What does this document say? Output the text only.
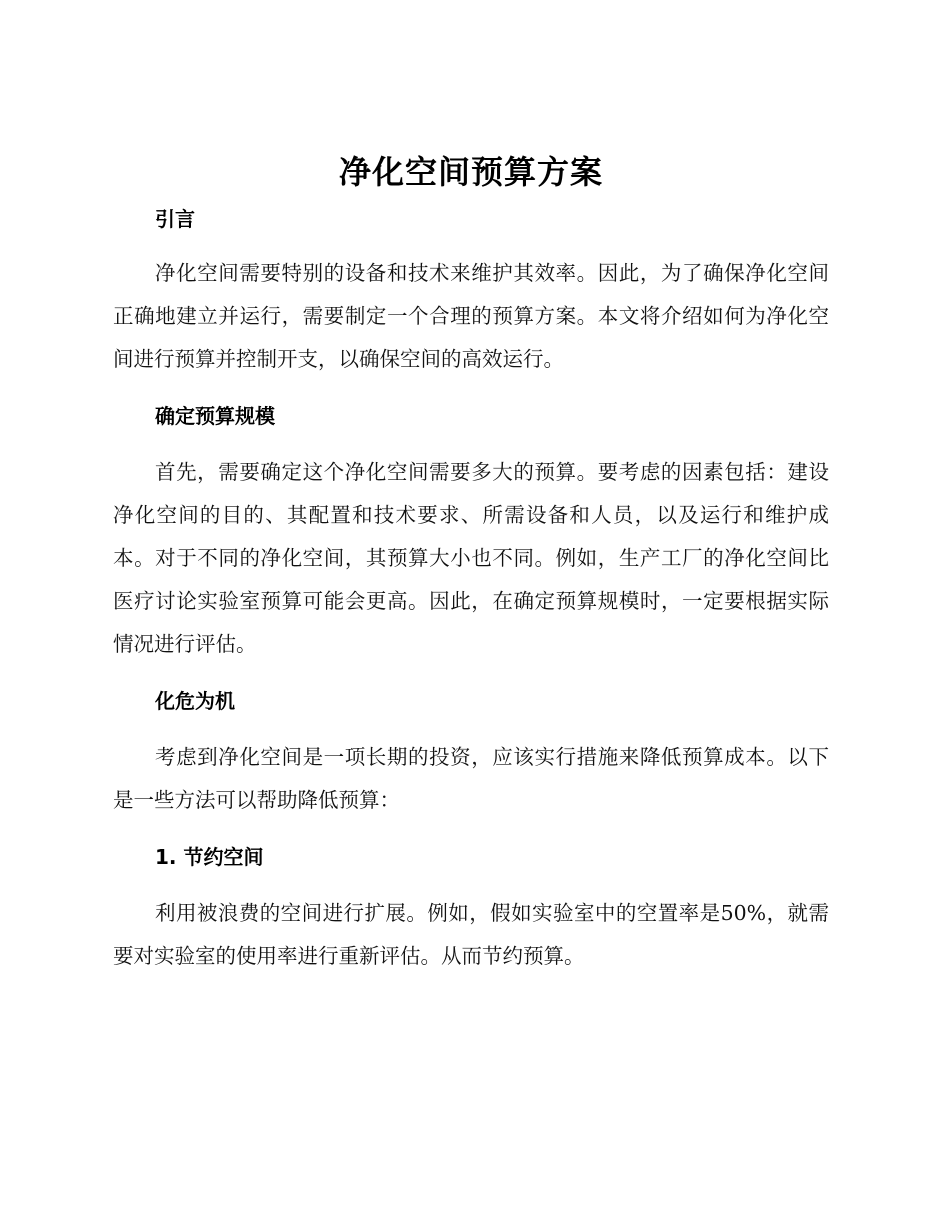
净化空间预算方案
引言

净化空间需要特别的设备和技术来维护其效率。因此，为了确保净化空间正确地建立并运行，需要制定一个合理的预算方案。本文将介绍如何为净化空间进行预算并控制开支，以确保空间的高效运行。

确定预算规模

首先，需要确定这个净化空间需要多大的预算。要考虑的因素包括：建设净化空间的目的、其配置和技术要求、所需设备和人员，以及运行和维护成本。对于不同的净化空间，其预算大小也不同。例如，生产工厂的净化空间比医疗讨论实验室预算可能会更高。因此，在确定预算规模时，一定要根据实际情况进行评估。

化危为机

考虑到净化空间是一项长期的投资，应该实行措施来降低预算成本。以下是一些方法可以帮助降低预算：

1. 节约空间

利用被浪费的空间进行扩展。例如，假如实验室中的空置率是50%，就需要对实验室的使用率进行重新评估。从而节约预算。
